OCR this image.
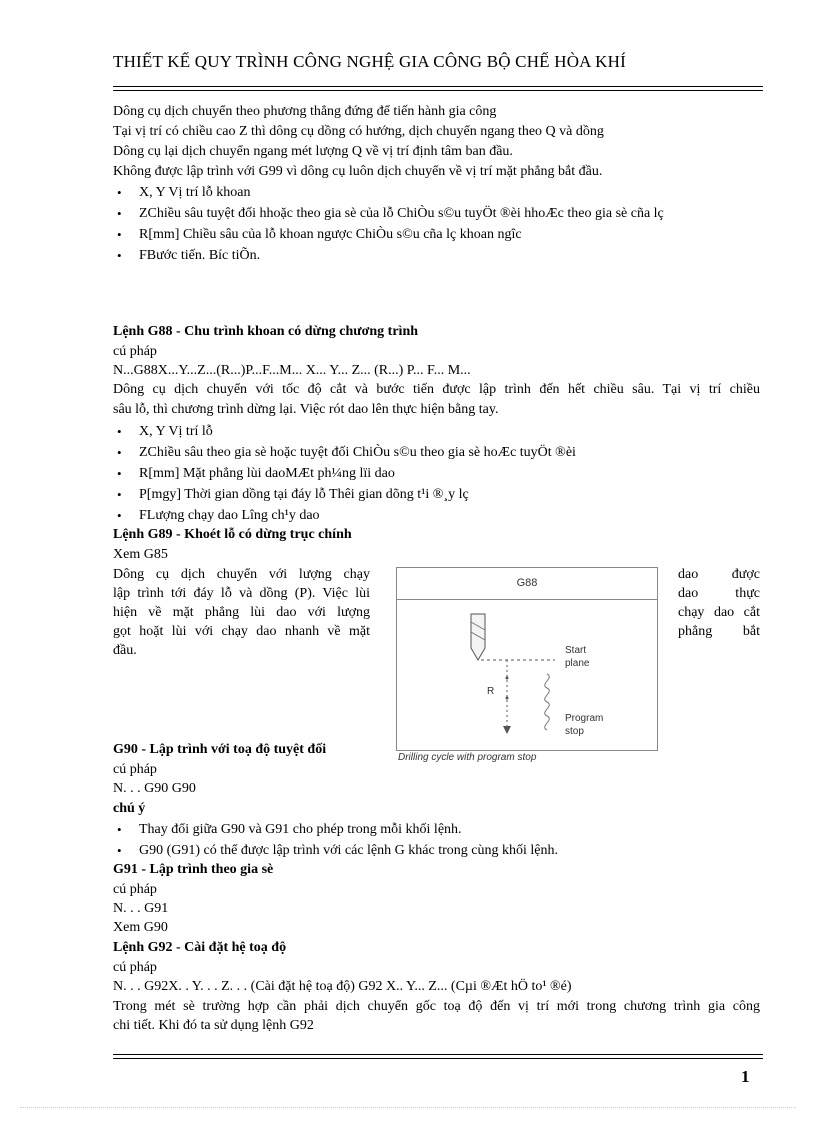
THIẾT KẾ QUY TRÌNH CÔNG NGHỆ GIA CÔNG BỘ CHẾ HÒA KHÍ
Dông cụ dịch chuyển theo phương thẳng đứng để tiến hành gia công
Tại vị trí có chiều cao Z thì dông cụ dồng có hướng, dịch chuyển ngang theo Q và dồng
Dông cụ lại dịch chuyển ngang mét lượng Q về vị trí định tâm ban đầu.
Không được lập trình với G99 vì dông cụ luôn dịch chuyển về vị trí mặt phẳng bắt đầu.
• X, Y Vị trí lỗ khoan
• ZChiều sâu tuyệt đối hhoặc theo gia sè của lỗ ChiÒu s©u tuyÖt ®èi hhoÆc theo gia sè cña lç
• R[mm] Chiều sâu của lỗ khoan ngược ChiÒu s©u cña lç khoan ngîc
• FBước tiến. Bíc tiÕn.
Lệnh G88 - Chu trình khoan có dừng chương trình
cú pháp
N...G88X...Y...Z...(R...)P...F...M... X... Y... Z... (R...) P... F... M...
Dông cụ dịch chuyển với tốc độ cắt và bước tiến được lập trình đến hết chiều sâu. Tại vị trí chiều
sâu lỗ, thì chương trình dừng lại. Việc rót dao lên thực hiện bằng tay.
• X, Y Vị trí lỗ
• ZChiều sâu theo gia sè hoặc tuyệt đối ChiÒu s©u theo gia sè hoÆc tuyÖt ®èi
• R[mm] Mặt phẳng lùi daoMÆt ph¼ng lïi dao
• P[mgy] Thời gian dồng tại đáy lỗ Thêi gian dõng t¹i ®¸y lç
• FLượng chạy dao Lîng ch¹y dao
Lệnh G89 - Khoét lỗ có dừng trục chính
Xem G85
Dông cụ dịch chuyển với lượng chạy
lập trình tới đáy lỗ và dồng (P). Việc lùi
hiện về mặt phẳng lùi dao với lượng
gọt hoặt lùi với chạy dao nhanh về mặt
đầu.
dao được
dao thực
chạy dao cắt
phẳng bắt
G88
Start
plane
R
Program
stop
Drilling cycle with program stop
G90 - Lập trình với toạ độ tuyệt đối
cú pháp
N. . . G90 G90
chú ý
• Thay đổi giữa G90 và G91 cho phép trong mỗi khối lệnh.
• G90 (G91) có thể được lập trình với các lệnh G khác trong cùng khối lệnh.
G91 - Lập trình theo gia sè
cú pháp
N. . . G91
Xem G90
Lệnh G92 - Cài đặt hệ toạ độ
cú pháp
N. . . G92X. . Y. . . Z. . . (Cài đặt hệ toạ độ) G92 X.. Y... Z... (Cµi ®Æt hÖ to¹ ®é)
Trong mét sè trường hợp cần phải dịch chuyển gốc toạ độ đến vị trí mới trong chương trình gia công
chi tiết. Khi đó ta sử dụng lệnh G92
1
